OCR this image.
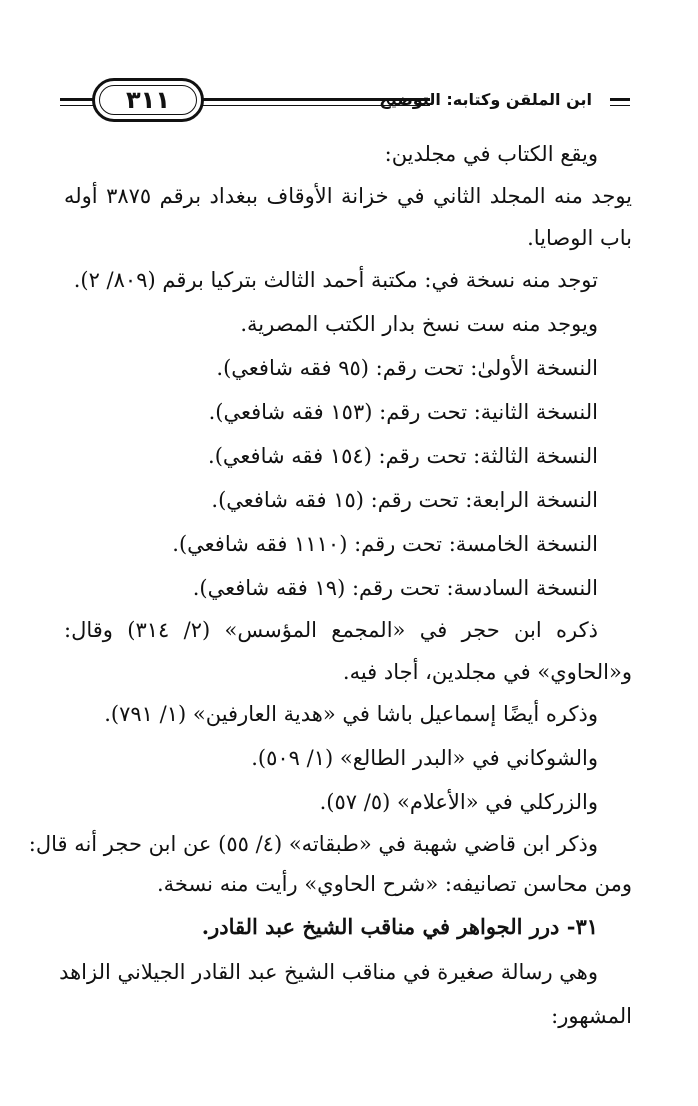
٣١١	ابن الملقن وكتابه: التوضيح
ويقع الكتاب في مجلدين:
يوجد منه المجلد الثاني في خزانة الأوقاف ببغداد برقم ٣٨٧٥ أوله
باب الوصايا.
توجد منه نسخة في: مكتبة أحمد الثالث بتركيا برقم (٨٠٩/ ٢).
ويوجد منه ست نسخ بدار الكتب المصرية.
النسخة الأولىٰ: تحت رقم: (٩٥ فقه شافعي).
النسخة الثانية: تحت رقم: (١٥٣ فقه شافعي).
النسخة الثالثة: تحت رقم: (١٥٤ فقه شافعي).
النسخة الرابعة: تحت رقم: (١٥ فقه شافعي).
النسخة الخامسة: تحت رقم: (١١١٠ فقه شافعي).
النسخة السادسة: تحت رقم: (١٩ فقه شافعي).
ذكره ابن حجر في «المجمع المؤسس» (٢/ ٣١٤) وقال:
و«الحاوي» في مجلدين، أجاد فيه.
وذكره أيضًا إسماعيل باشا في «هدية العارفين» (١/ ٧٩١).
والشوكاني في «البدر الطالع» (١/ ٥٠٩).
والزركلي في «الأعلام» (٥/ ٥٧).
وذكر ابن قاضي شهبة في «طبقاته» (٤/ ٥٥) عن ابن حجر أنه قال:
ومن محاسن تصانيفه: «شرح الحاوي» رأيت منه نسخة.
٣١- درر الجواهر في مناقب الشيخ عبد القادر.
وهي رسالة صغيرة في مناقب الشيخ عبد القادر الجيلاني الزاهد
المشهور:
